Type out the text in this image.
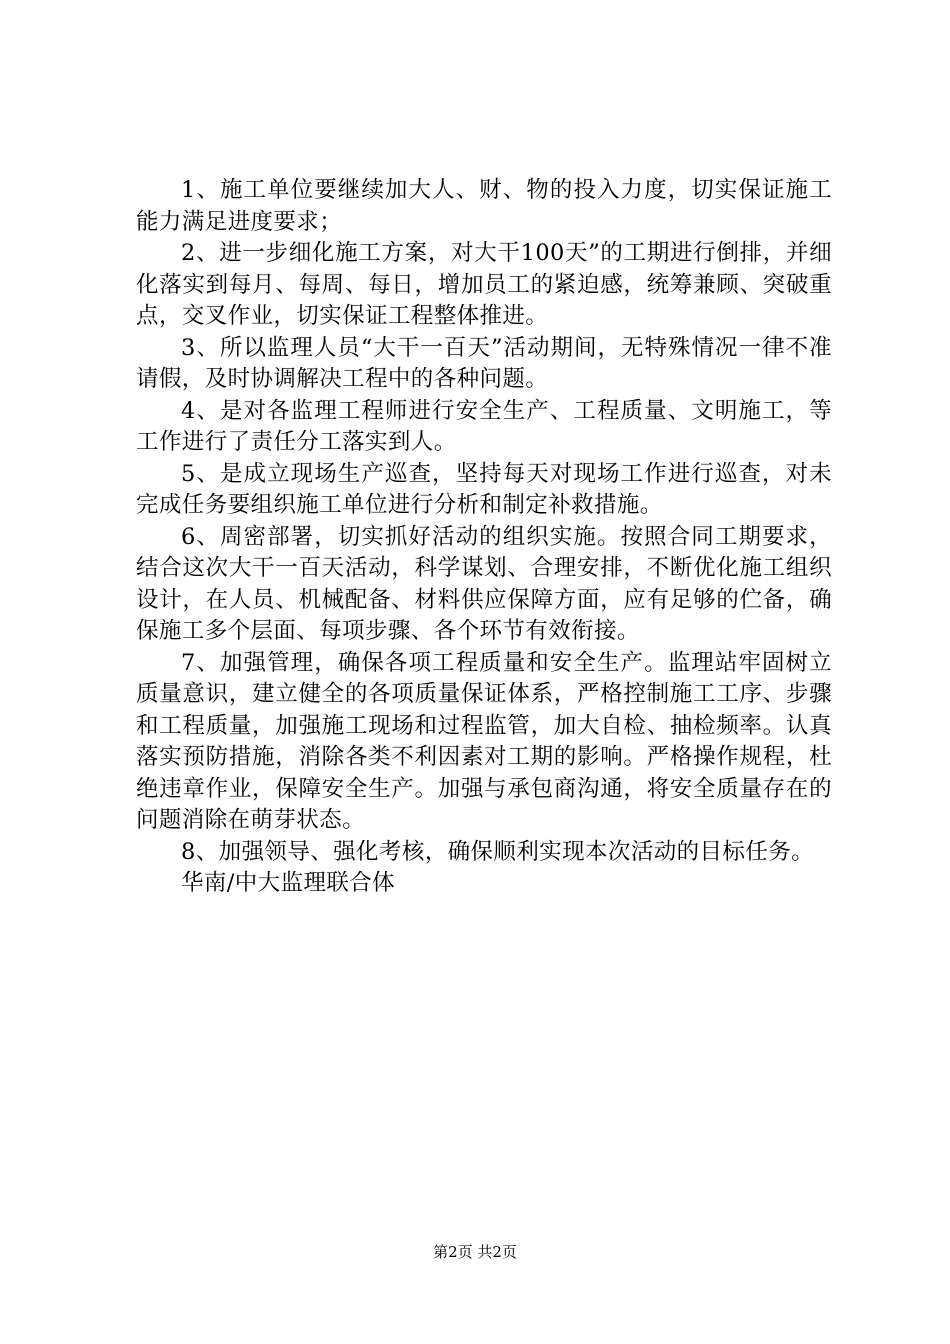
1、施工单位要继续加大人、财、物的投入力度，切实保证施工能力满足进度要求；

2、进一步细化施工方案，对大干100天”的工期进行倒排，并细化落实到每月、每周、每日，增加员工的紧迫感，统筹兼顾、突破重点，交叉作业，切实保证工程整体推进。

3、所以监理人员“大干一百天”活动期间，无特殊情况一律不准请假，及时协调解决工程中的各种问题。

4、是对各监理工程师进行安全生产、工程质量、文明施工，等工作进行了责任分工落实到人。

5、是成立现场生产巡查，坚持每天对现场工作进行巡查，对未完成任务要组织施工单位进行分析和制定补救措施。

6、周密部署，切实抓好活动的组织实施。按照合同工期要求，结合这次大干一百天活动，科学谋划、合理安排，不断优化施工组织设计，在人员、机械配备、材料供应保障方面，应有足够的伫备，确保施工多个层面、每项步骤、各个环节有效衔接。

7、加强管理，确保各项工程质量和安全生产。监理站牢固树立质量意识，建立健全的各项质量保证体系，严格控制施工工序、步骤和工程质量，加强施工现场和过程监管，加大自检、抽检频率。认真落实预防措施，消除各类不利因素对工期的影响。严格操作规程，杜绝违章作业，保障安全生产。加强与承包商沟通，将安全质量存在的问题消除在萌芽状态。

8、加强领导、强化考核，确保顺利实现本次活动的目标任务。

华南/中大监理联合体

第2页 共2页
